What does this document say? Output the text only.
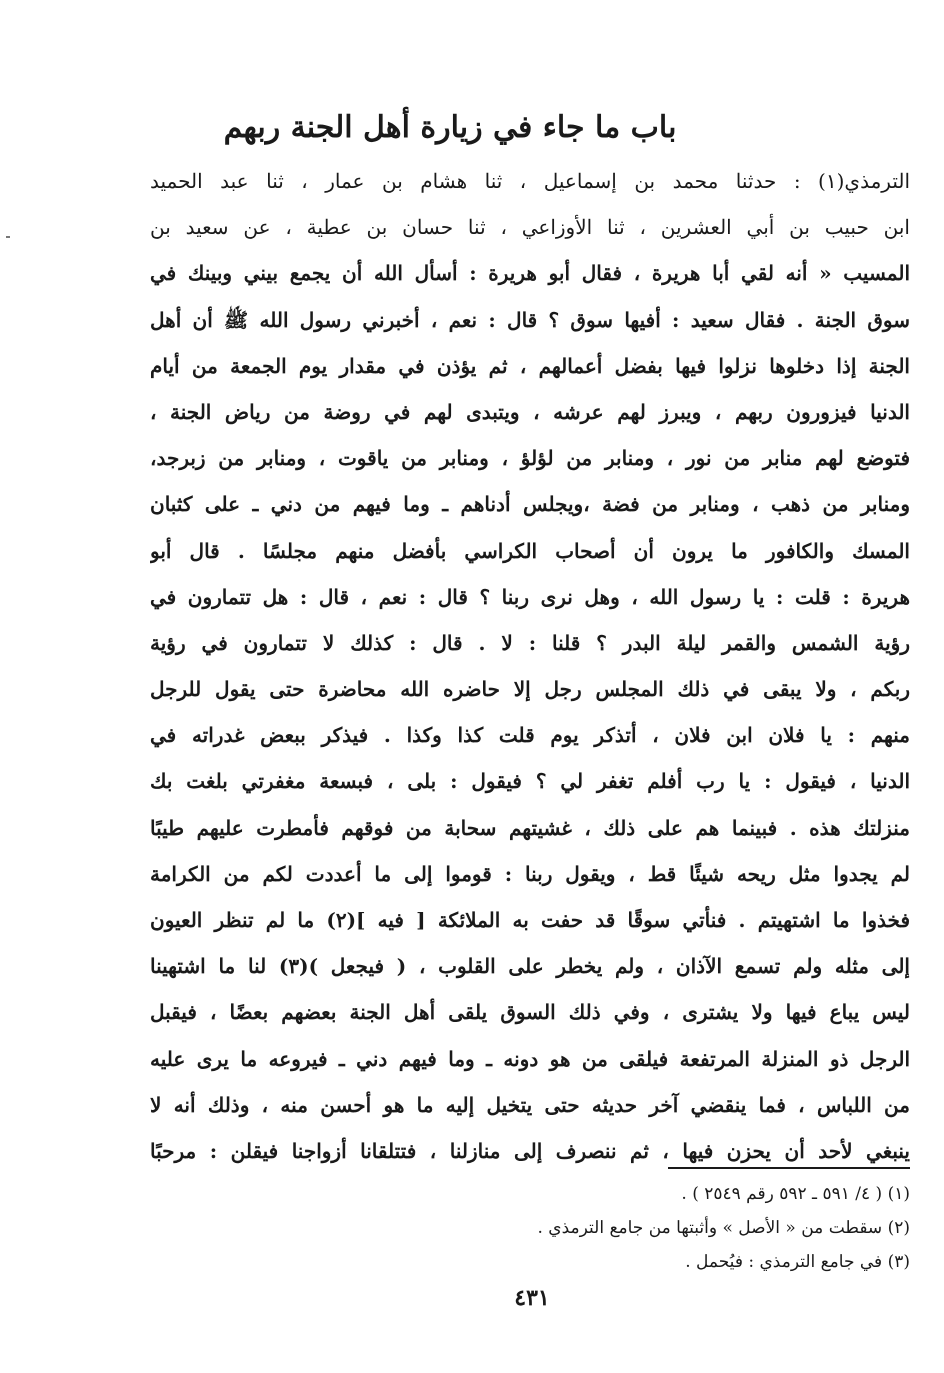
باب ما جاء في زيارة أهل الجنة ربهم
الترمذي(١) : حدثنا محمد بن إسماعيل ، ثنا هشام بن عمار ، ثنا عبد الحميد
ابن حبيب بن أبي العشرين ، ثنا الأوزاعي ، ثنا حسان بن عطية ، عن سعيد بن
المسيب « أنه لقي أبا هريرة ، فقال أبو هريرة : أسأل الله أن يجمع بيني وبينك في
سوق الجنة . فقال سعيد : أفيها سوق ؟ قال : نعم ، أخبرني رسول الله ﷺ أن أهل
الجنة إذا دخلوها نزلوا فيها بفضل أعمالهم ، ثم يؤذن في مقدار يوم الجمعة من أيام
الدنيا فيزورون ربهم ، ويبرز لهم عرشه ، ويتبدى لهم في روضة من رياض الجنة ،
فتوضع لهم منابر من نور ، ومنابر من لؤلؤ ، ومنابر من ياقوت ، ومنابر من زبرجد،
ومنابر من ذهب ، ومنابر من فضة ،ويجلس أدناهم ـ وما فيهم من دني ـ على كثبان
المسك والكافور ما يرون أن أصحاب الكراسي بأفضل منهم مجلسًا . قال أبو
هريرة : قلت : يا رسول الله ، وهل نرى ربنا ؟ قال : نعم ، قال : هل تتمارون في
رؤية الشمس والقمر ليلة البدر ؟ قلنا : لا . قال : كذلك لا تتمارون في رؤية
ربكم ، ولا يبقى في ذلك المجلس رجل إلا حاضره الله محاضرة حتى يقول للرجل
منهم : يا فلان ابن فلان ، أتذكر يوم قلت كذا وكذا . فيذكر ببعض غدراته في
الدنيا ، فيقول : يا رب أفلم تغفر لي ؟ فيقول : بلى ، فبسعة مغفرتي بلغت بك
منزلتك هذه . فبينما هم على ذلك ، غشيتهم سحابة من فوقهم فأمطرت عليهم طيبًا
لم يجدوا مثل ريحه شيئًا قط ، ويقول ربنا : قوموا إلى ما أعددت لكم من الكرامة
فخذوا ما اشتهيتم . فنأتي سوقًا قد حفت به الملائكة [ فيه ](٢) ما لم تنظر العيون
إلى مثله ولم تسمع الآذان ، ولم يخطر على القلوب ، ( فيجعل )(٣) لنا ما اشتهينا
ليس يباع فيها ولا يشترى ، وفي ذلك السوق يلقى أهل الجنة بعضهم بعضًا ، فيقبل
الرجل ذو المنزلة المرتفعة فيلقى من هو دونه ـ وما فيهم دني ـ فيروعه ما يرى عليه
من اللباس ، فما ينقضي آخر حديثه حتى يتخيل إليه ما هو أحسن منه ، وذلك أنه لا
ينبغي لأحد أن يحزن فيها ، ثم ننصرف إلى منازلنا ، فتتلقانا أزواجنا فيقلن : مرحبًا
(١) ( ٤/ ٥٩١ ـ ٥٩٢ رقم ٢٥٤٩ ) .
(٢) سقطت من « الأصل » وأثبتها من جامع الترمذي .
(٣) في جامع الترمذي : فيُحمل .
٤٣١
